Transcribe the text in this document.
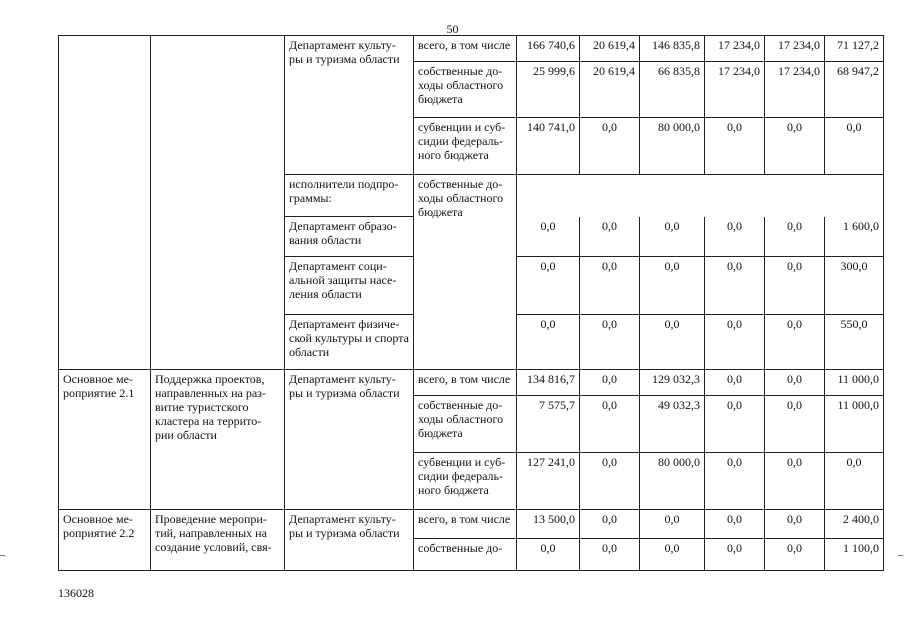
50
		Департамент культу-ры и туризма области	всего, в том числе	166 740,6	20 619,4	146 835,8	17 234,0	17 234,0	71 127,2
			собственные до-ходы областного бюджета	25 999,6	20 619,4	66 835,8	17 234,0	17 234,0	68 947,2
			субвенции и суб-сидии федераль-ного бюджета	140 741,0	0,0	80 000,0	0,0	0,0	0,0
		исполнители подпро-граммы:	собственные до-ходы областного бюджета						
		Департамент образо-вания области		0,0	0,0	0,0	0,0	0,0	1 600,0
		Департамент соци-альной защиты насе-ления области		0,0	0,0	0,0	0,0	0,0	300,0
		Департамент физиче-ской культуры и спорта области		0,0	0,0	0,0	0,0	0,0	550,0
Основное ме-роприятие 2.1	Поддержка проектов, направленных на раз-витие туристского кластера на террито-рии области	Департамент культу-ры и туризма области	всего, в том числе	134 816,7	0,0	129 032,3	0,0	0,0	11 000,0
			собственные до-ходы областного бюджета	7 575,7	0,0	49 032,3	0,0	0,0	11 000,0
			субвенции и суб-сидии федераль-ного бюджета	127 241,0	0,0	80 000,0	0,0	0,0	0,0
Основное ме-роприятие 2.2	Проведение меропри-тий, направленных на создание условий, свя-	Департамент культу-ры и туризма области	всего, в том числе	13 500,0	0,0	0,0	0,0	0,0	2 400,0
			собственные до-	0,0	0,0	0,0	0,0	0,0	1 100,0
136028
